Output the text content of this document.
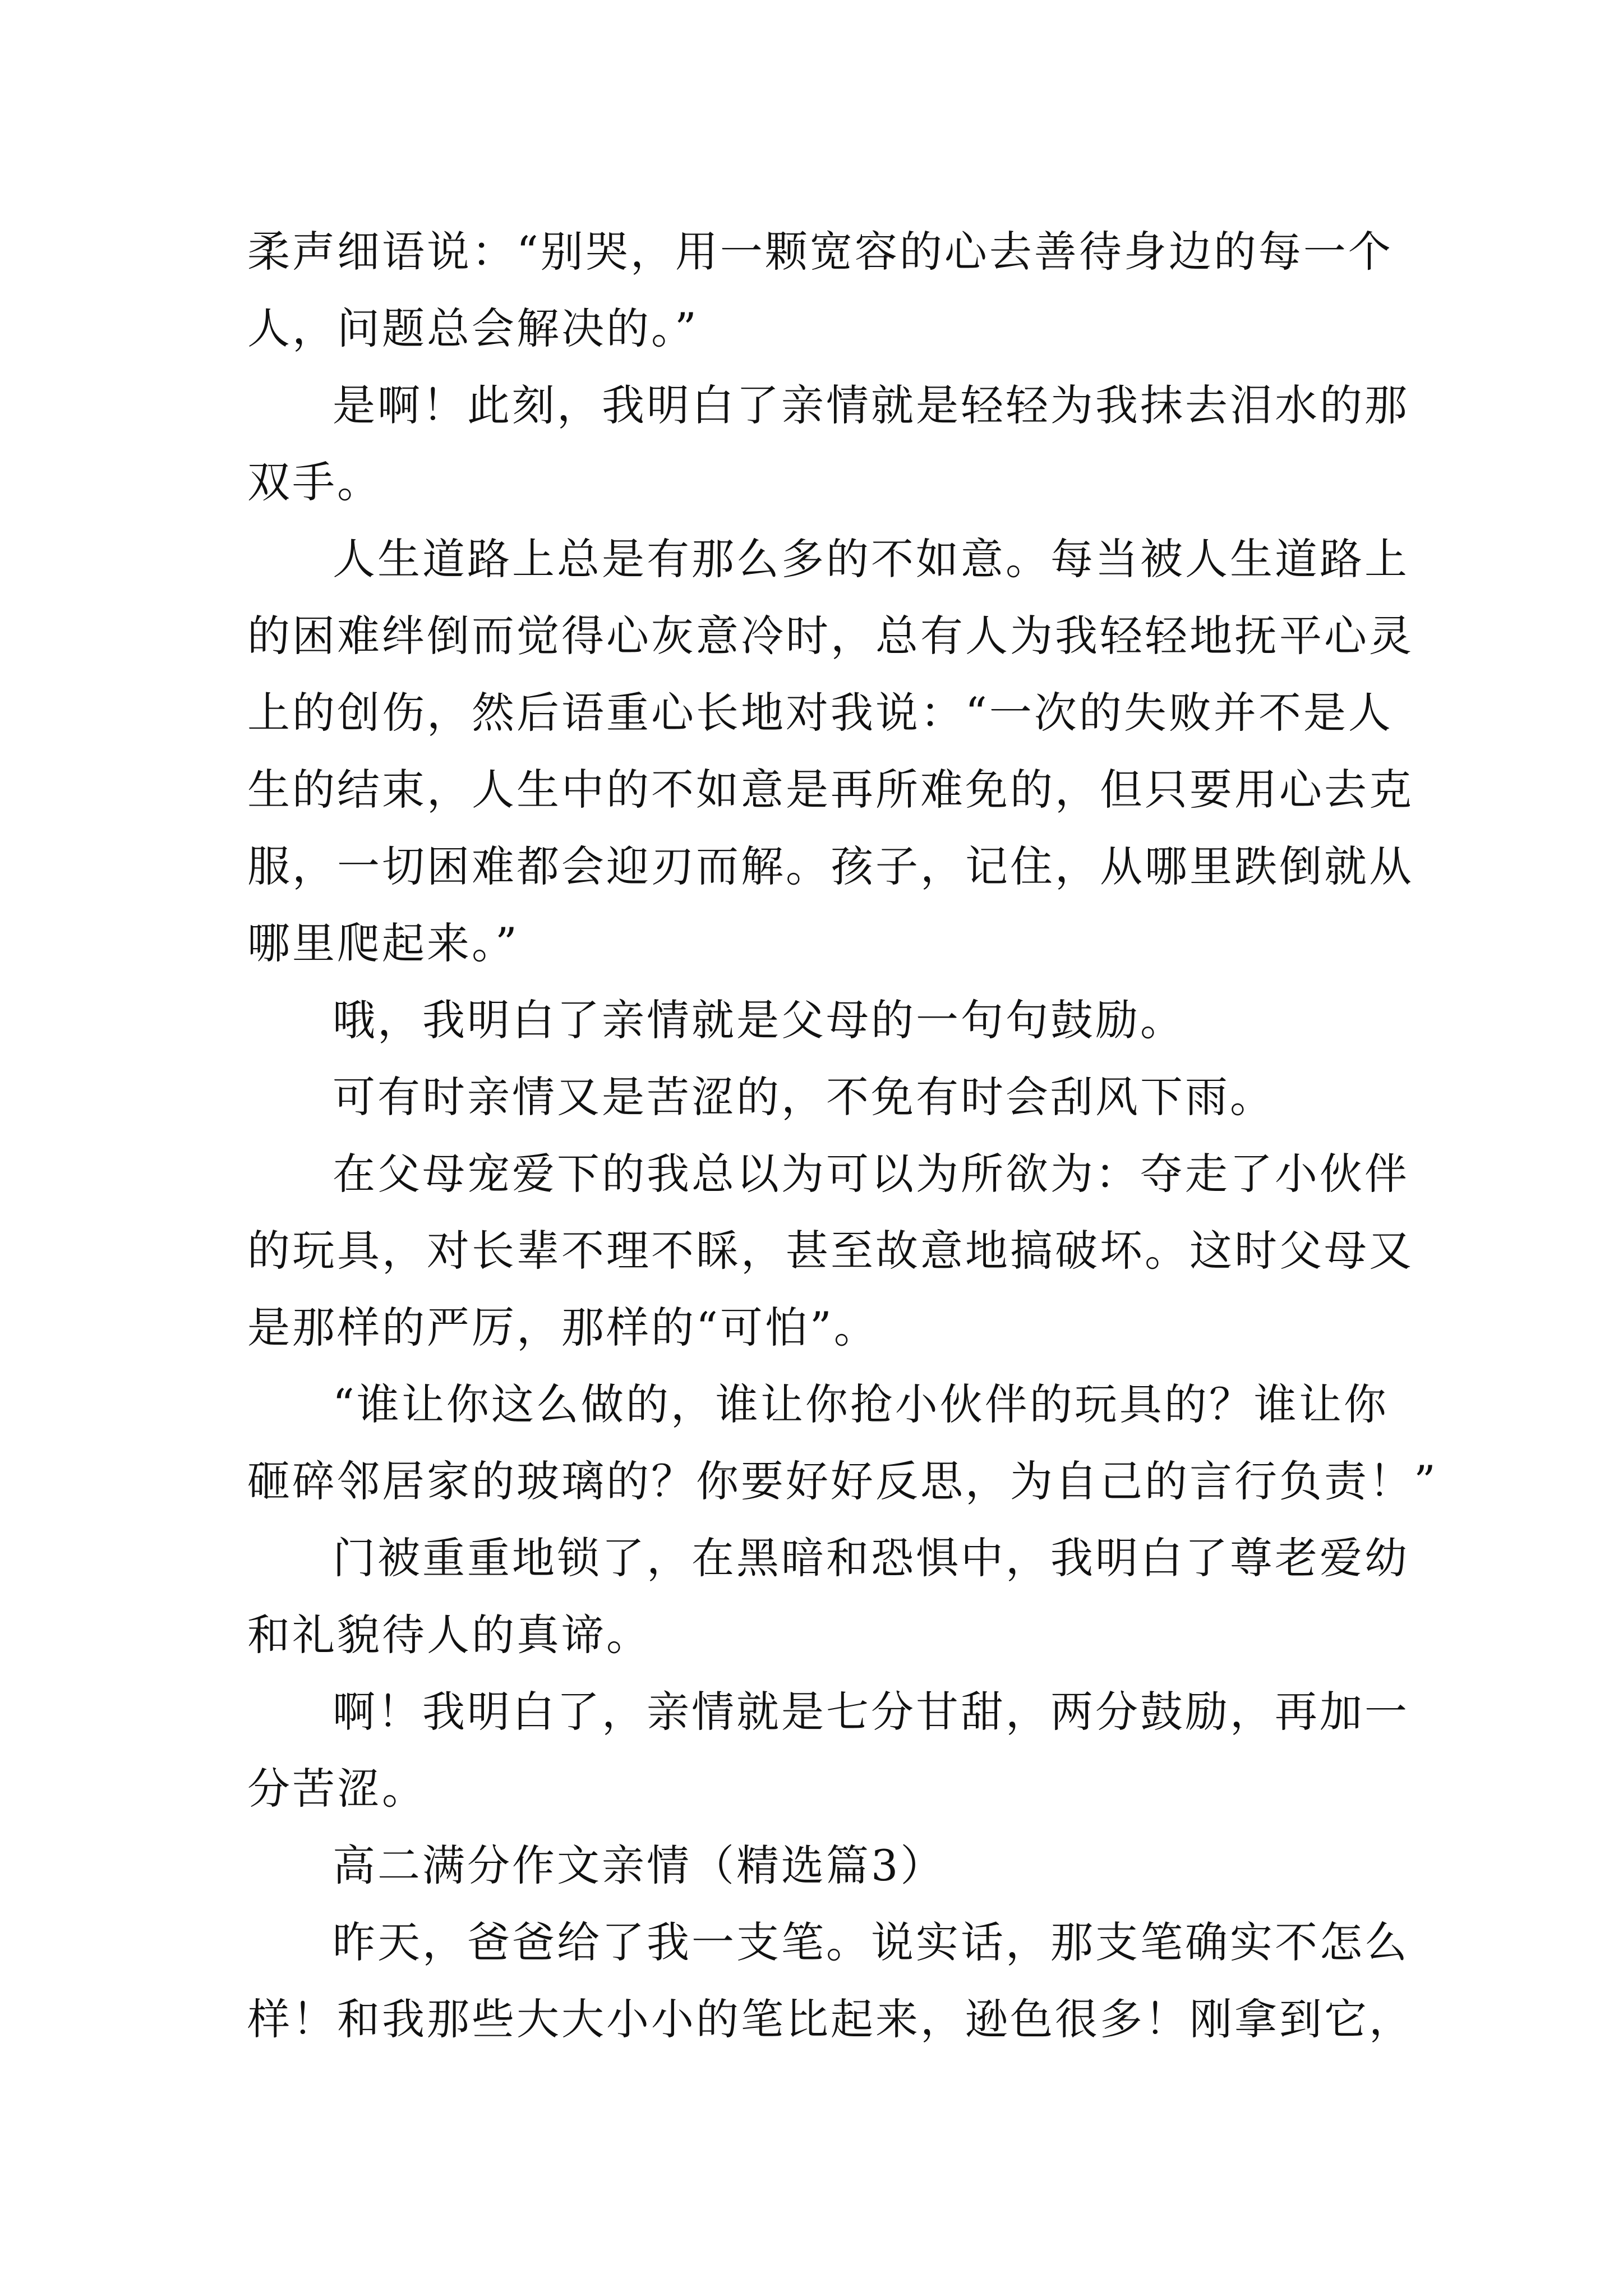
柔声细语说：“别哭，用一颗宽容的心去善待身边的每一个
人，问题总会解决的。”
是啊！此刻，我明白了亲情就是轻轻为我抹去泪水的那
双手。
人生道路上总是有那么多的不如意。每当被人生道路上
的困难绊倒而觉得心灰意冷时，总有人为我轻轻地抚平心灵
上的创伤，然后语重心长地对我说：“一次的失败并不是人
生的结束，人生中的不如意是再所难免的，但只要用心去克
服，一切困难都会迎刃而解。孩子，记住，从哪里跌倒就从
哪里爬起来。”
哦，我明白了亲情就是父母的一句句鼓励。
可有时亲情又是苦涩的，不免有时会刮风下雨。
在父母宠爱下的我总以为可以为所欲为：夺走了小伙伴
的玩具，对长辈不理不睬，甚至故意地搞破坏。这时父母又
是那样的严厉，那样的“可怕”。
“谁让你这么做的，谁让你抢小伙伴的玩具的？谁让你
砸碎邻居家的玻璃的？你要好好反思，为自己的言行负责！”
门被重重地锁了，在黑暗和恐惧中，我明白了尊老爱幼
和礼貌待人的真谛。
啊！我明白了，亲情就是七分甘甜，两分鼓励，再加一
分苦涩。
高二满分作文亲情（精选篇3）
昨天，爸爸给了我一支笔。说实话，那支笔确实不怎么
样！和我那些大大小小的笔比起来，逊色很多！刚拿到它，
